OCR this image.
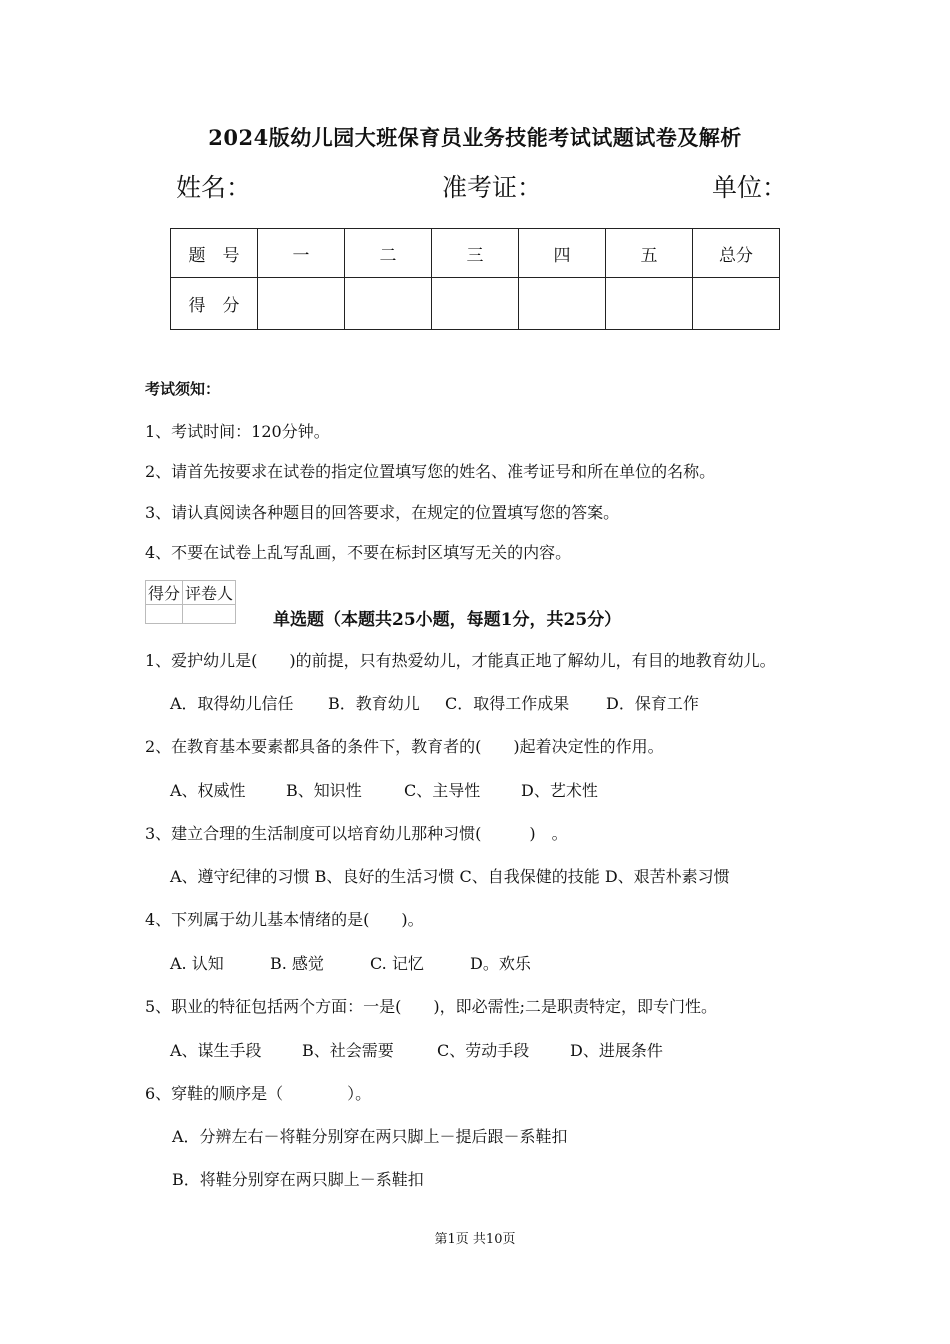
2024版幼儿园大班保育员业务技能考试试题试卷及解析
姓名：	准考证：	单位：
题　号	一	二	三	四	五	总分
得　分						
考试须知：
1、考试时间：120分钟。
2、请首先按要求在试卷的指定位置填写您的姓名、准考证号和所在单位的名称。
3、请认真阅读各种题目的回答要求，在规定的位置填写您的答案。
4、不要在试卷上乱写乱画，不要在标封区填写无关的内容。
得分	评卷人

单选题（本题共25小题，每题1分，共25分）
1、爱护幼儿是(　　)的前提，只有热爱幼儿，才能真正地了解幼儿，有目的地教育幼儿。
A．取得幼儿信任 B．教育幼儿 C．取得工作成果 D．保育工作
2、在教育基本要素都具备的条件下，教育者的(　　)起着决定性的作用。
A、权威性	B、知识性	C、主导性	D、艺术性
3、建立合理的生活制度可以培育幼儿那种习惯(　　　)　。
A、遵守纪律的习惯 B、良好的生活习惯 C、自我保健的技能 D、艰苦朴素习惯
4、下列属于幼儿基本情绪的是(　　)。
A. 认知	B. 感觉	C. 记忆	D。欢乐
5、职业的特征包括两个方面：一是(　　)，即必需性;二是职责特定，即专门性。
A、谋生手段	B、社会需要	C、劳动手段	D、进展条件
6、穿鞋的顺序是（　　　　）。
A．分辨左右－将鞋分别穿在两只脚上－提后跟－系鞋扣
B．将鞋分别穿在两只脚上－系鞋扣
第1页 共10页
